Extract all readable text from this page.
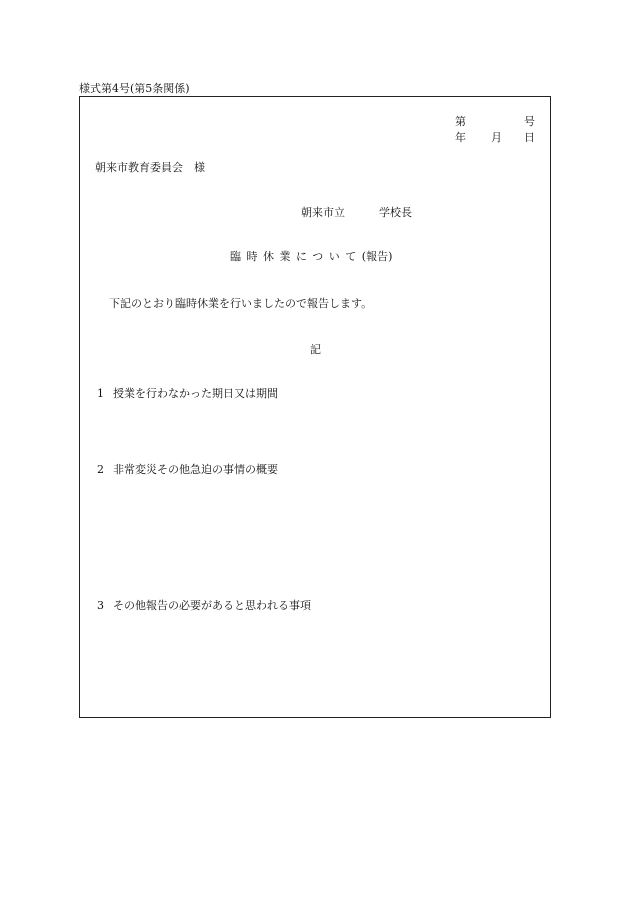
様式第4号(第5条関係)
第	号
年 月 日
朝来市教育委員会 様
朝来市立	学校長
臨時休業について(報告)
下記のとおり臨時休業を行いましたので報告します。
記
1 授業を行わなかった期日又は期間
2 非常変災その他急迫の事情の概要
3 その他報告の必要があると思われる事項
